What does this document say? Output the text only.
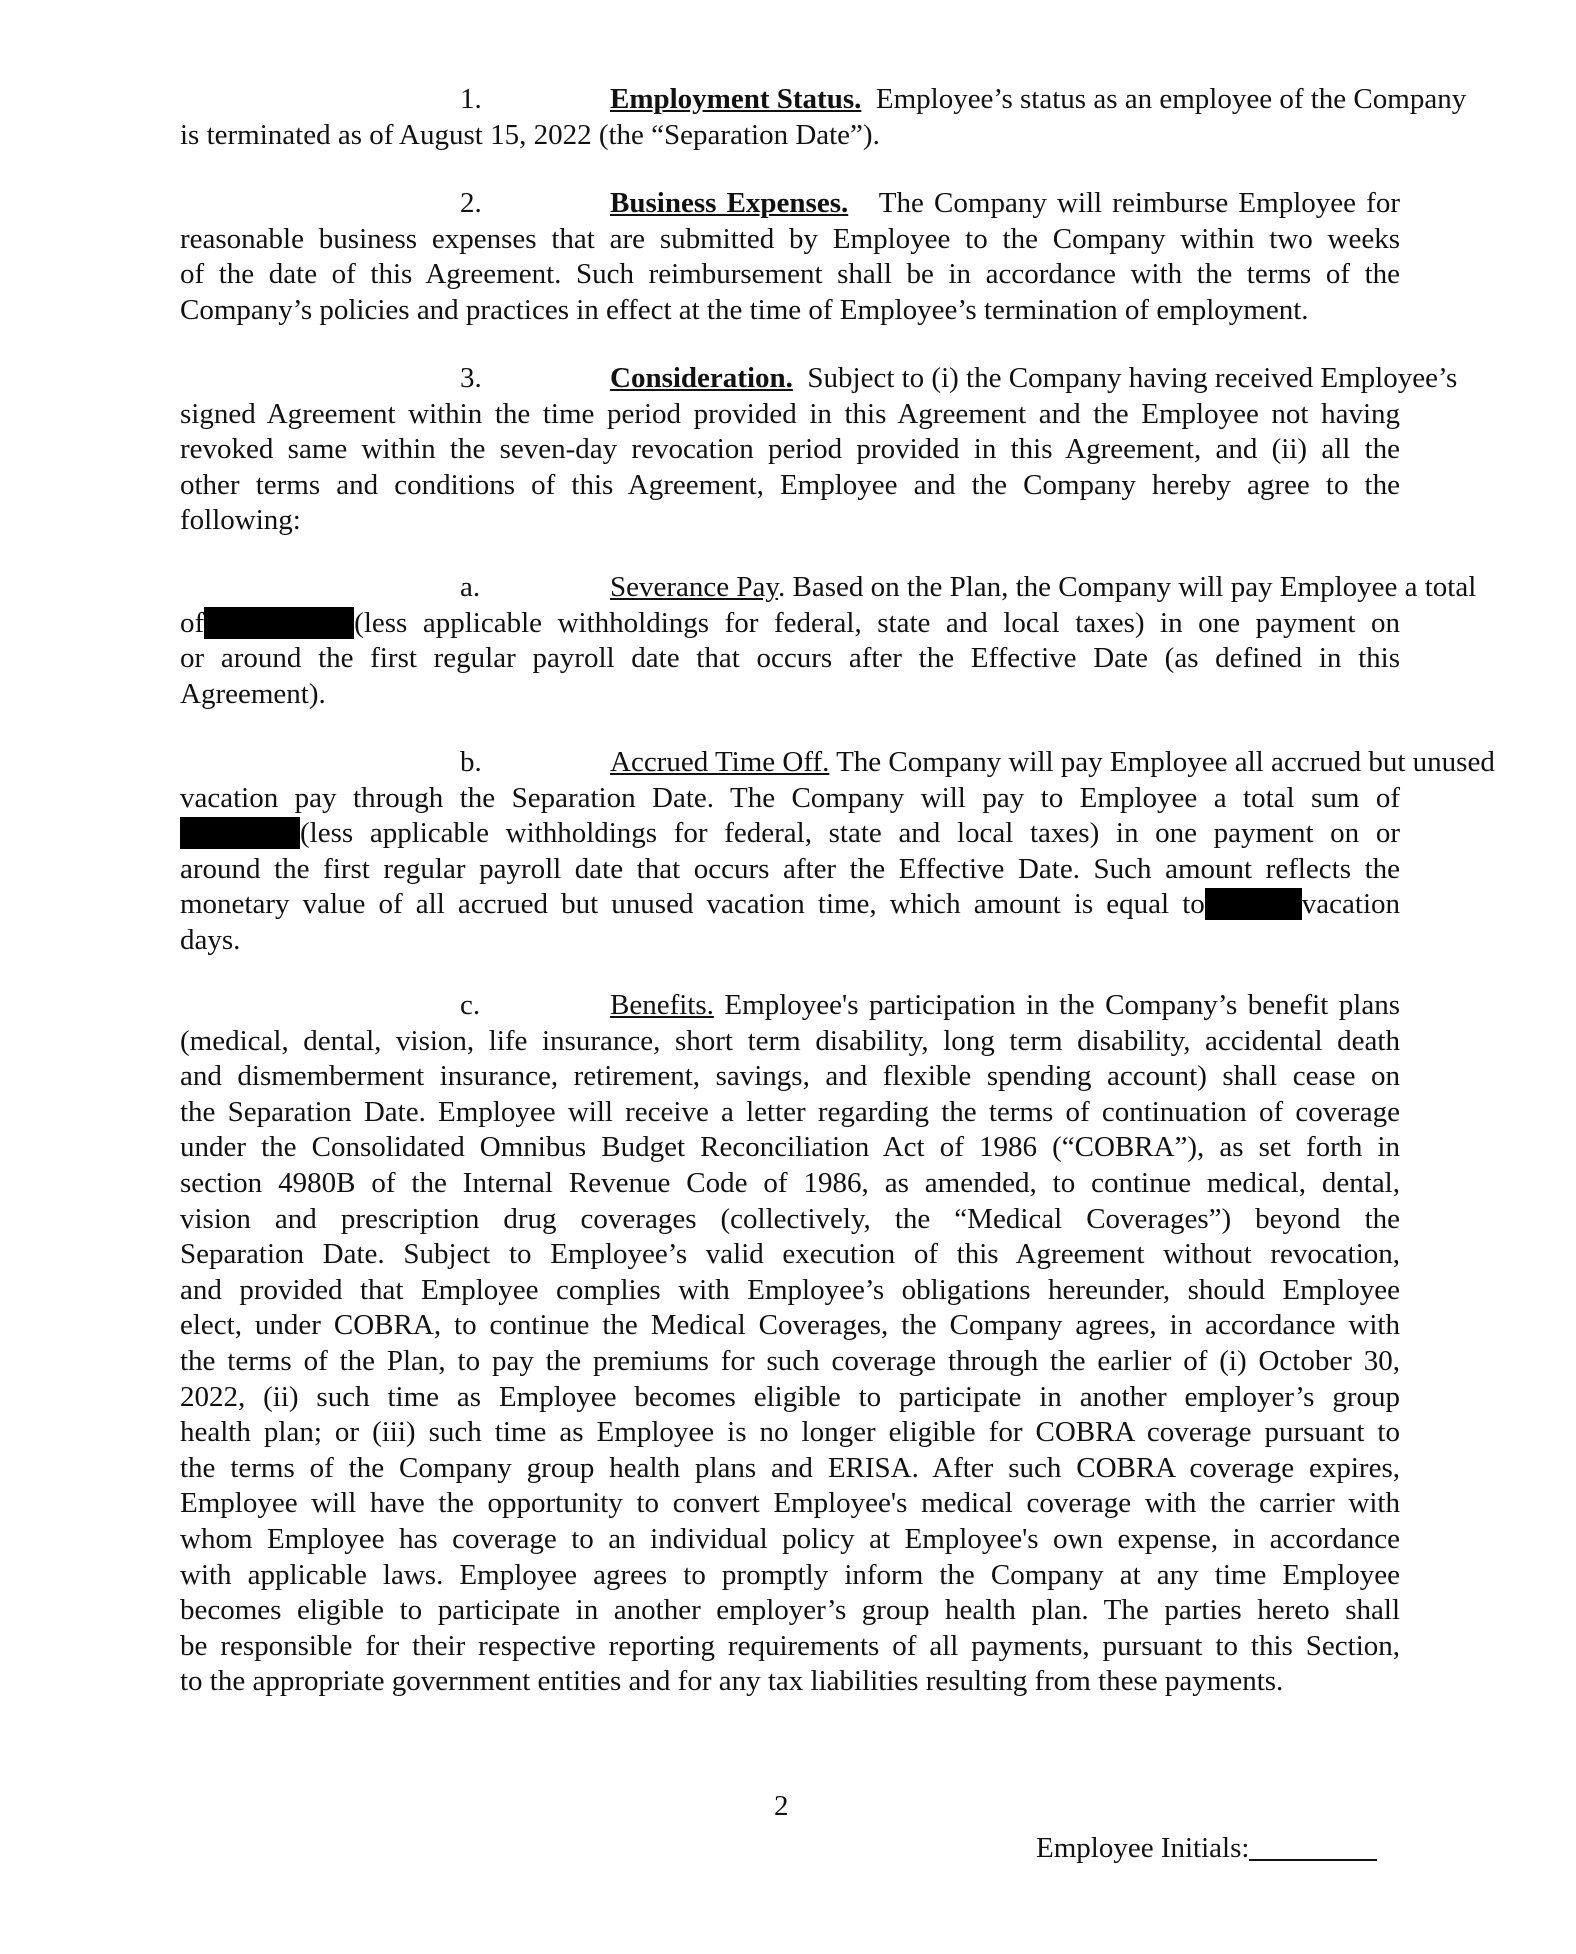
1.	Employment Status. Employee’s status as an employee of the Company
is terminated as of August 15, 2022 (the “Separation Date”).
2.	Business Expenses. The Company will reimburse Employee for
reasonable business expenses that are submitted by Employee to the Company within two weeks
of the date of this Agreement. Such reimbursement shall be in accordance with the terms of the
Company’s policies and practices in effect at the time of Employee’s termination of employment.
3.	Consideration. Subject to (i) the Company having received Employee’s
signed Agreement within the time period provided in this Agreement and the Employee not having
revoked same within the seven-day revocation period provided in this Agreement, and (ii) all the
other terms and conditions of this Agreement, Employee and the Company hereby agree to the
following:
a.	Severance Pay. Based on the Plan, the Company will pay Employee a total
of	(less applicable withholdings for federal, state and local taxes) in one payment on
or around the first regular payroll date that occurs after the Effective Date (as defined in this
Agreement).
b.	Accrued Time Off. The Company will pay Employee all accrued but unused
vacation pay through the Separation Date. The Company will pay to Employee a total sum of
(less applicable withholdings for federal, state and local taxes) in one payment on or
around the first regular payroll date that occurs after the Effective Date. Such amount reflects the
monetary value of all accrued but unused vacation time, which amount is equal to	vacation
days.
c.	Benefits. Employee's participation in the Company’s benefit plans
(medical, dental, vision, life insurance, short term disability, long term disability, accidental death
and dismemberment insurance, retirement, savings, and flexible spending account) shall cease on
the Separation Date. Employee will receive a letter regarding the terms of continuation of coverage
under the Consolidated Omnibus Budget Reconciliation Act of 1986 (“COBRA”), as set forth in
section 4980B of the Internal Revenue Code of 1986, as amended, to continue medical, dental,
vision and prescription drug coverages (collectively, the “Medical Coverages”) beyond the
Separation Date. Subject to Employee’s valid execution of this Agreement without revocation,
and provided that Employee complies with Employee’s obligations hereunder, should Employee
elect, under COBRA, to continue the Medical Coverages, the Company agrees, in accordance with
the terms of the Plan, to pay the premiums for such coverage through the earlier of (i) October 30,
2022, (ii) such time as Employee becomes eligible to participate in another employer’s group
health plan; or (iii) such time as Employee is no longer eligible for COBRA coverage pursuant to
the terms of the Company group health plans and ERISA. After such COBRA coverage expires,
Employee will have the opportunity to convert Employee's medical coverage with the carrier with
whom Employee has coverage to an individual policy at Employee's own expense, in accordance
with applicable laws. Employee agrees to promptly inform the Company at any time Employee
becomes eligible to participate in another employer’s group health plan. The parties hereto shall
be responsible for their respective reporting requirements of all payments, pursuant to this Section,
to the appropriate government entities and for any tax liabilities resulting from these payments.
2
Employee Initials:
